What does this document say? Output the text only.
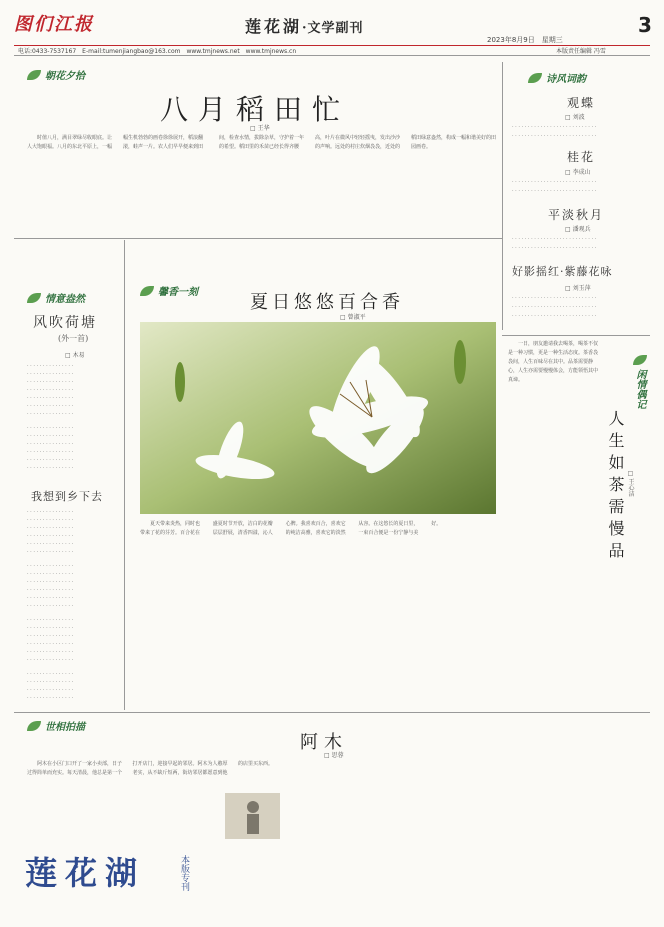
图们江报	莲花湖·文学副刊
2023年8月9日　星期三
3
电话:0433-7537167　E-mail:tumenjiangbao@163.com　www.tmjnews.net　www.tmjnews.cn	本版责任编辑 冯雪
朝花夕拾
八月稻田忙
□ 王华
时值八月，满目翠绿尽收眼底。让人大饱眼福。八月的东北平原上，一幅幅生机勃勃的画卷徐徐展开，稻浪翻滚，蛙声一片。农人们早早便来到田间，检查水情，拔除杂草，守护着一年的希望。稻田里的禾苗已经长得齐腰高，叶片在微风中轻轻摇曳，发出沙沙的声响。远处的村庄炊烟袅袅，近处的稻田绿意盎然，构成一幅和谐美好的田园画卷。
诗风词韵
观蝶
□ 刘波
· · · · · · · · · · · · · · · · · · · · · · · · · · ·
· · · · · · · · · · · · · · · · · · · · · · · · · · ·
桂花
□ 李成山
· · · · · · · · · · · · · · · · · · · · · · · · · · ·
· · · · · · · · · · · · · · · · · · · · · · · · · · ·
平淡秋月
□ 潘观兵
· · · · · · · · · · · · · · · · · · · · · · · · · · ·
· · · · · · · · · · · · · · · · · · · · · · · · · · ·
好影摇红·紫藤花咏
□ 刘玉萍
· · · · · · · · · · · · · · · · · · · · · · · · · · ·
· · · · · · · · · · · · · · · · · · · · · · · · · · ·
· · · · · · · · · · · · · · · · · · · · · · · · · · ·
情意盎然
风吹荷塘
(外一首)
□ 木易
· · · · · · · · · · · · · · ·
· · · · · · · · · · · · · · ·
· · · · · · · · · · · · · · ·
· · · · · · · · · · · · · · ·
· · · · · · · · · · · · · · ·
· · · · · · · · · · · · · · ·
· · · · · · · · · · · · · · ·
· · · · · · · · · · · · · · ·
· · · · · · · · · · · · · · ·
· · · · · · · · · · · · · · ·
· · · · · · · · · · · · · · ·
· · · · · · · · · · · · · · ·
· · · · · · · · · · · · · · ·
我想到乡下去
· · · · · · · · · · · · · · ·
· · · · · · · · · · · · · · ·
· · · · · · · · · · · · · · ·
· · · · · · · · · · · · · · ·
· · · · · · · · · · · · · · ·
· · · · · · · · · · · · · · ·
· · · · · · · · · · · · · · ·
· · · · · · · · · · · · · · ·
· · · · · · · · · · · · · · ·
· · · · · · · · · · · · · · ·
· · · · · · · · · · · · · · ·
· · · · · · · · · · · · · · ·
· · · · · · · · · · · · · · ·
· · · · · · · · · · · · · · ·
· · · · · · · · · · · · · · ·
· · · · · · · · · · · · · · ·
· · · · · · · · · · · · · · ·
· · · · · · · · · · · · · · ·
· · · · · · · · · · · · · · ·
· · · · · · · · · · · · · · ·
· · · · · · · · · · · · · · ·
· · · · · · · · · · · · · · ·
馨香一刻	夏日悠悠百合香
□ 曾淑平
夏天带来炎热，同时也带来了花的芬芳。百合花在盛夏时节开放，洁白的花瓣层层舒展，清香四溢，沁人心脾。我喜欢百合，喜欢它的纯洁高雅，喜欢它的淡然从容。在这悠长的夏日里，一束百合便是一份宁静与美好。
一日，朋友邀请我去喝茶，喝茶不仅是一种习惯，更是一种生活态度。茶香袅袅间，人生百味尽在其中。品茶需要静心，人生亦需要慢慢体会，方能领悟其中真谛。	闲情偶记
人生如茶需慢品 □ 王心洁
世相拍描
阿木
□ 思蓉
阿木在小区门口开了一家小卖部，日子过得简单而充实。每天清晨，他总是第一个打开店门，迎接早起的邻居。阿木为人憨厚老实，从不缺斤短两，街坊邻居都愿意到他的店里买东西。
莲花湖	本版专刊
